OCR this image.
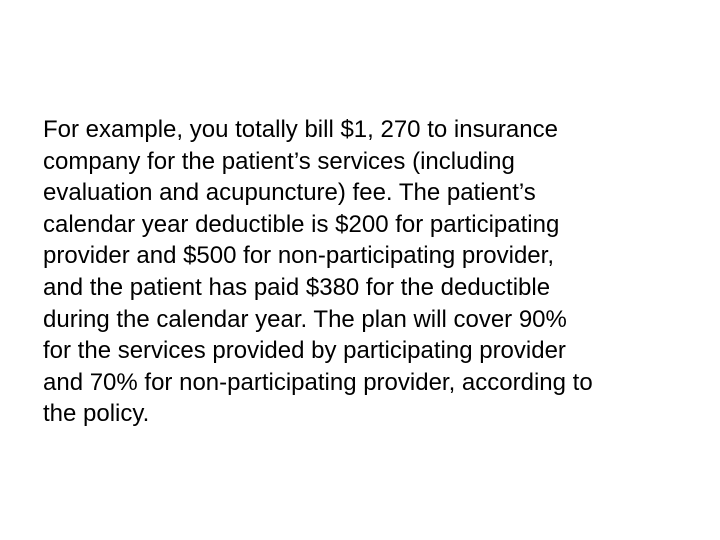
For example, you totally bill $1, 270 to insurance
company for the patient’s services (including
evaluation and acupuncture) fee. The patient’s
calendar year deductible is $200 for participating
provider and $500 for non-participating provider,
and the patient has paid $380 for the deductible
during the calendar year. The plan will cover 90%
for the services provided by participating provider
and 70% for non-participating provider, according to
the policy.
